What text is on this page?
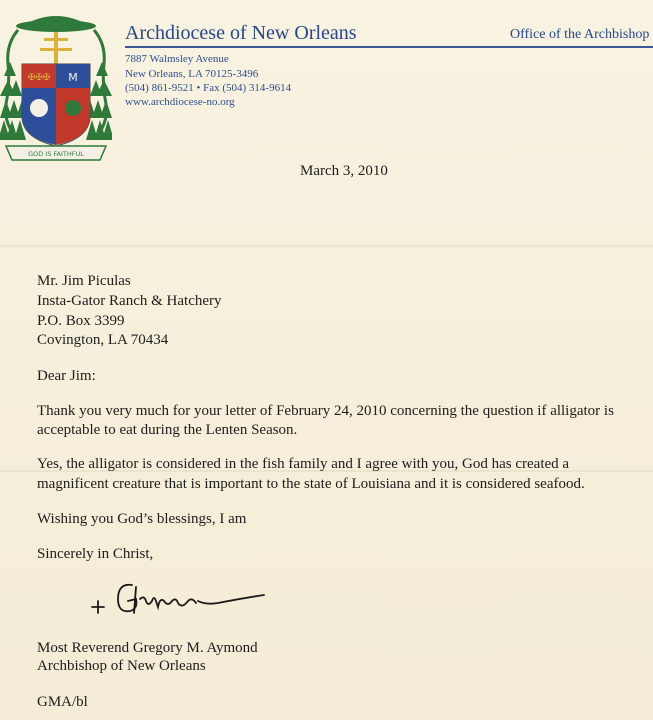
✠✠✠ M
GOD IS FAITHFUL
Archdiocese of New Orleans	Office of the Archbishop
7887 Walmsley Avenue
New Orleans, LA 70125-3496
(504) 861-9521 • Fax (504) 314-9614
www.archdiocese-no.org
March 3, 2010
Mr. Jim Piculas
Insta-Gator Ranch & Hatchery
P.O. Box 3399
Covington, LA 70434
Dear Jim:
Thank you very much for your letter of February 24, 2010 concerning the question if alligator is
acceptable to eat during the Lenten Season.
Yes, the alligator is considered in the fish family and I agree with you, God has created a
magnificent creature that is important to the state of Louisiana and it is considered seafood.
Wishing you God’s blessings, I am
Sincerely in Christ,
Most Reverend Gregory M. Aymond
Archbishop of New Orleans
GMA/bl
